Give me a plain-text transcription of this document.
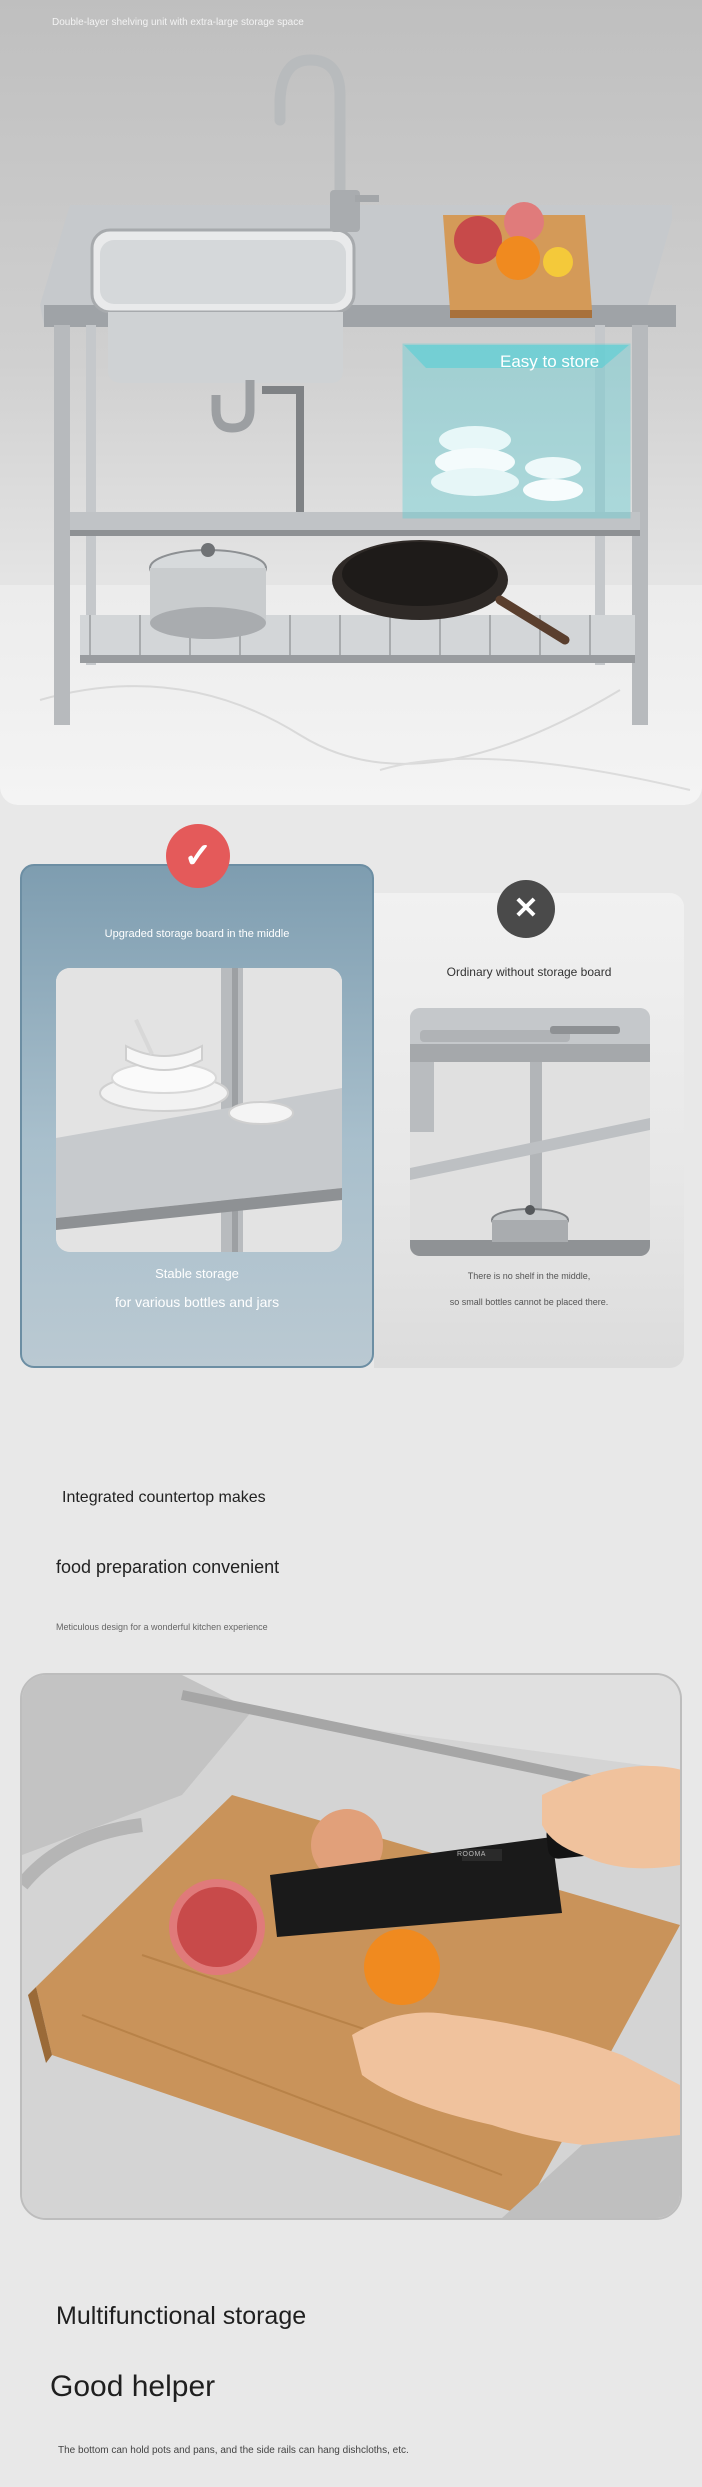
Double-layer shelving unit with extra-large storage space
Easy to store
Ordinary without storage board
There is no shelf in the middle,
so small bottles cannot be placed there.
Upgraded storage board in the middle
Stable storage
for various bottles and jars
✓
✕
Integrated countertop makes
food preparation convenient
Meticulous design for a wonderful kitchen experience
ROOMA
Multifunctional storage
Good helper
The bottom can hold pots and pans, and the side rails can hang dishcloths, etc.
